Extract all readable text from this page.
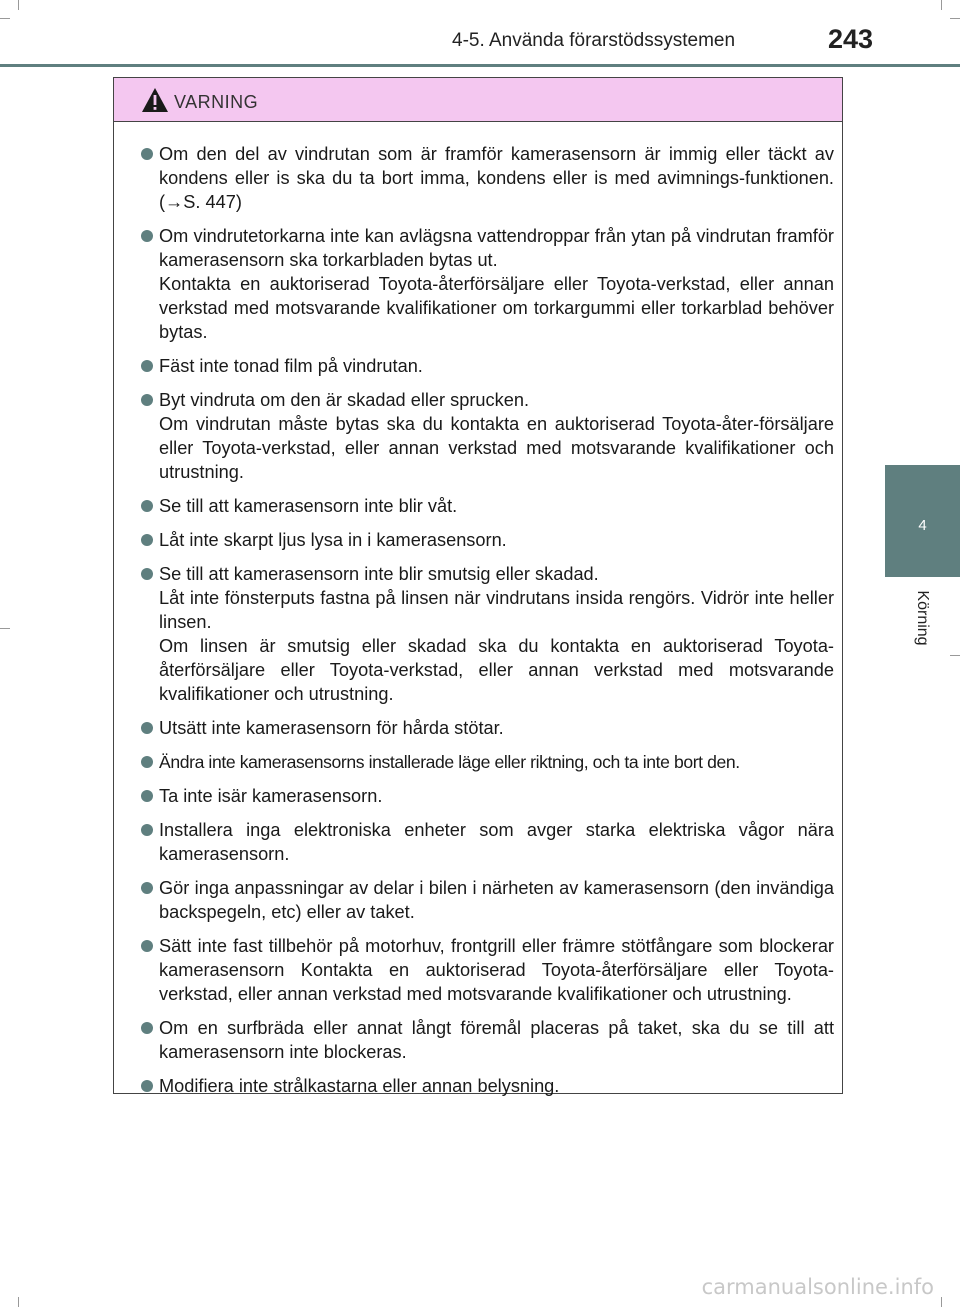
4-5. Använda förarstödssystemen	243
4
Körning
VARNING
Om den del av vindrutan som är framför kamerasensorn är immig eller täckt av kondens eller is ska du ta bort imma, kondens eller is med avimnings-funktionen. (→S. 447)
Om vindrutetorkarna inte kan avlägsna vattendroppar från ytan på vindrutan framför kamerasensorn ska torkarbladen bytas ut.
Kontakta en auktoriserad Toyota-återförsäljare eller Toyota-verkstad, eller annan verkstad med motsvarande kvalifikationer om torkargummi eller torkarblad behöver bytas.
Fäst inte tonad film på vindrutan.
Byt vindruta om den är skadad eller sprucken.
Om vindrutan måste bytas ska du kontakta en auktoriserad Toyota-åter-försäljare eller Toyota-verkstad, eller annan verkstad med motsvarande kvalifikationer och utrustning.
Se till att kamerasensorn inte blir våt.
Låt inte skarpt ljus lysa in i kamerasensorn.
Se till att kamerasensorn inte blir smutsig eller skadad.
Låt inte fönsterputs fastna på linsen när vindrutans insida rengörs. Vidrör inte heller linsen.
Om linsen är smutsig eller skadad ska du kontakta en auktoriserad Toyota-återförsäljare eller Toyota-verkstad, eller annan verkstad med motsvarande kvalifikationer och utrustning.
Utsätt inte kamerasensorn för hårda stötar.
Ändra inte kamerasensorns installerade läge eller riktning, och ta inte bort den.
Ta inte isär kamerasensorn.
Installera inga elektroniska enheter som avger starka elektriska vågor nära kamerasensorn.
Gör inga anpassningar av delar i bilen i närheten av kamerasensorn (den invändiga backspegeln, etc) eller av taket.
Sätt inte fast tillbehör på motorhuv, frontgrill eller främre stötfångare som blockerar kamerasensorn Kontakta en auktoriserad Toyota-återförsäljare eller Toyota-verkstad, eller annan verkstad med motsvarande kvalifikationer och utrustning.
Om en surfbräda eller annat långt föremål placeras på taket, ska du se till att kamerasensorn inte blockeras.
Modifiera inte strålkastarna eller annan belysning.
carmanualsonline.info
